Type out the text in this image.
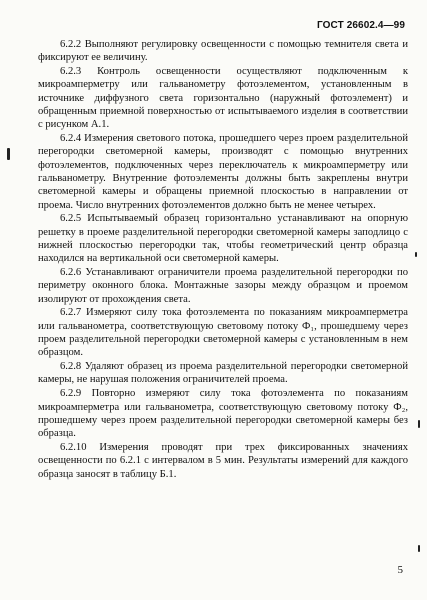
ГОСТ 26602.4—99

6.2.2 Выполняют регулировку освещенности с помощью темнителя света и фиксируют ее величину.

6.2.3 Контроль освещенности осуществляют подключенным к микроамперметру или гальванометру фотоэлементом, установленным в источнике диффузного света горизонтально (наружный фотоэлемент) и обращенным приемной поверхностью от испытываемого изделия в соответствии с рисунком А.1.

6.2.4 Измерения светового потока, прошедшего через проем разделительной перегородки светомерной камеры, производят с помощью внутренних фотоэлементов, подключенных через переключатель к микроамперметру или гальванометру. Внутренние фотоэлементы должны быть закреплены внутри светомерной камеры и обращены приемной плоскостью в направлении от проема. Число внутренних фотоэлементов должно быть не менее четырех.

6.2.5 Испытываемый образец горизонтально устанавливают на опорную решетку в проеме разделительной перегородки светомерной камеры заподлицо с нижней плоскостью перегородки так, чтобы геометрический центр образца находился на вертикальной оси светомерной камеры.

6.2.6 Устанавливают ограничители проема разделительной перегородки по периметру оконного блока. Монтажные зазоры между образцом и проемом изолируют от прохождения света.

6.2.7 Измеряют силу тока фотоэлемента по показаниям микроамперметра или гальванометра, соответствующую световому потоку Ф₁, прошедшему через проем разделительной перегородки светомерной камеры с установленным в нем образцом.

6.2.8 Удаляют образец из проема разделительной перегородки светомерной камеры, не нарушая положения ограничителей проема.

6.2.9 Повторно измеряют силу тока фотоэлемента по показаниям микроамперметра или гальванометра, соответствующую световому потоку Ф₂, прошедшему через проем разделительной перегородки светомерной камеры без образца.

6.2.10 Измерения проводят при трех фиксированных значениях освещенности по 6.2.1 с интервалом в 5 мин. Результаты измерений для каждого образца заносят в таблицу Б.1.

5
